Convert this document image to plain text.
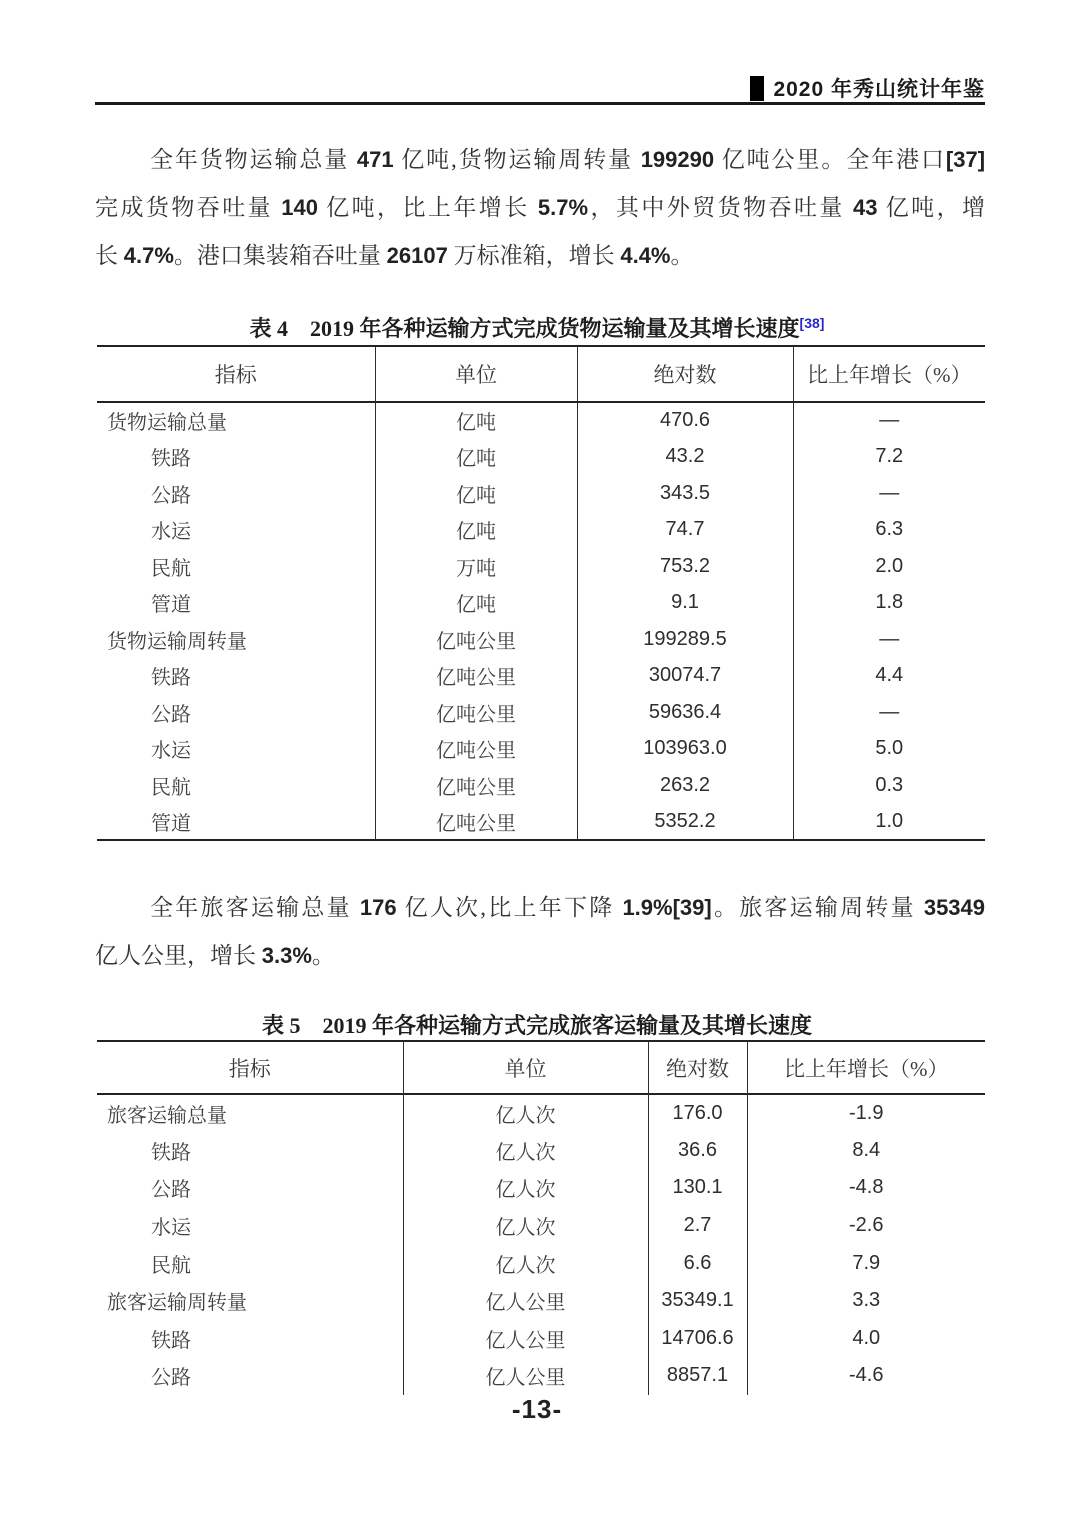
2020 年秀山统计年鉴
全年货物运输总量 471 亿吨,货物运输周转量 199290 亿吨公里。全年港口[37]
完成货物吞吐量 140 亿吨，比上年增长 5.7%，其中外贸货物吞吐量 43 亿吨，增
长 4.7%。港口集装箱吞吐量 26107 万标准箱，增长 4.4%。
表 4　2019 年各种运输方式完成货物运输量及其增长速度[38]
指标	单位	绝对数	比上年增长（%）
货物运输总量	亿吨	470.6	—
铁路	亿吨	43.2	7.2
公路	亿吨	343.5	—
水运	亿吨	74.7	6.3
民航	万吨	753.2	2.0
管道	亿吨	9.1	1.8
货物运输周转量	亿吨公里	199289.5	—
铁路	亿吨公里	30074.7	4.4
公路	亿吨公里	59636.4	—
水运	亿吨公里	103963.0	5.0
民航	亿吨公里	263.2	0.3
管道	亿吨公里	5352.2	1.0
全年旅客运输总量 176 亿人次,比上年下降 1.9%[39]。旅客运输周转量 35349
亿人公里，增长 3.3%。
表 5　2019 年各种运输方式完成旅客运输量及其增长速度
指标	单位	绝对数	比上年增长（%）
旅客运输总量	亿人次	176.0	-1.9
铁路	亿人次	36.6	8.4
公路	亿人次	130.1	-4.8
水运	亿人次	2.7	-2.6
民航	亿人次	6.6	7.9
旅客运输周转量	亿人公里	35349.1	3.3
铁路	亿人公里	14706.6	4.0
公路	亿人公里	8857.1	-4.6
-13-
